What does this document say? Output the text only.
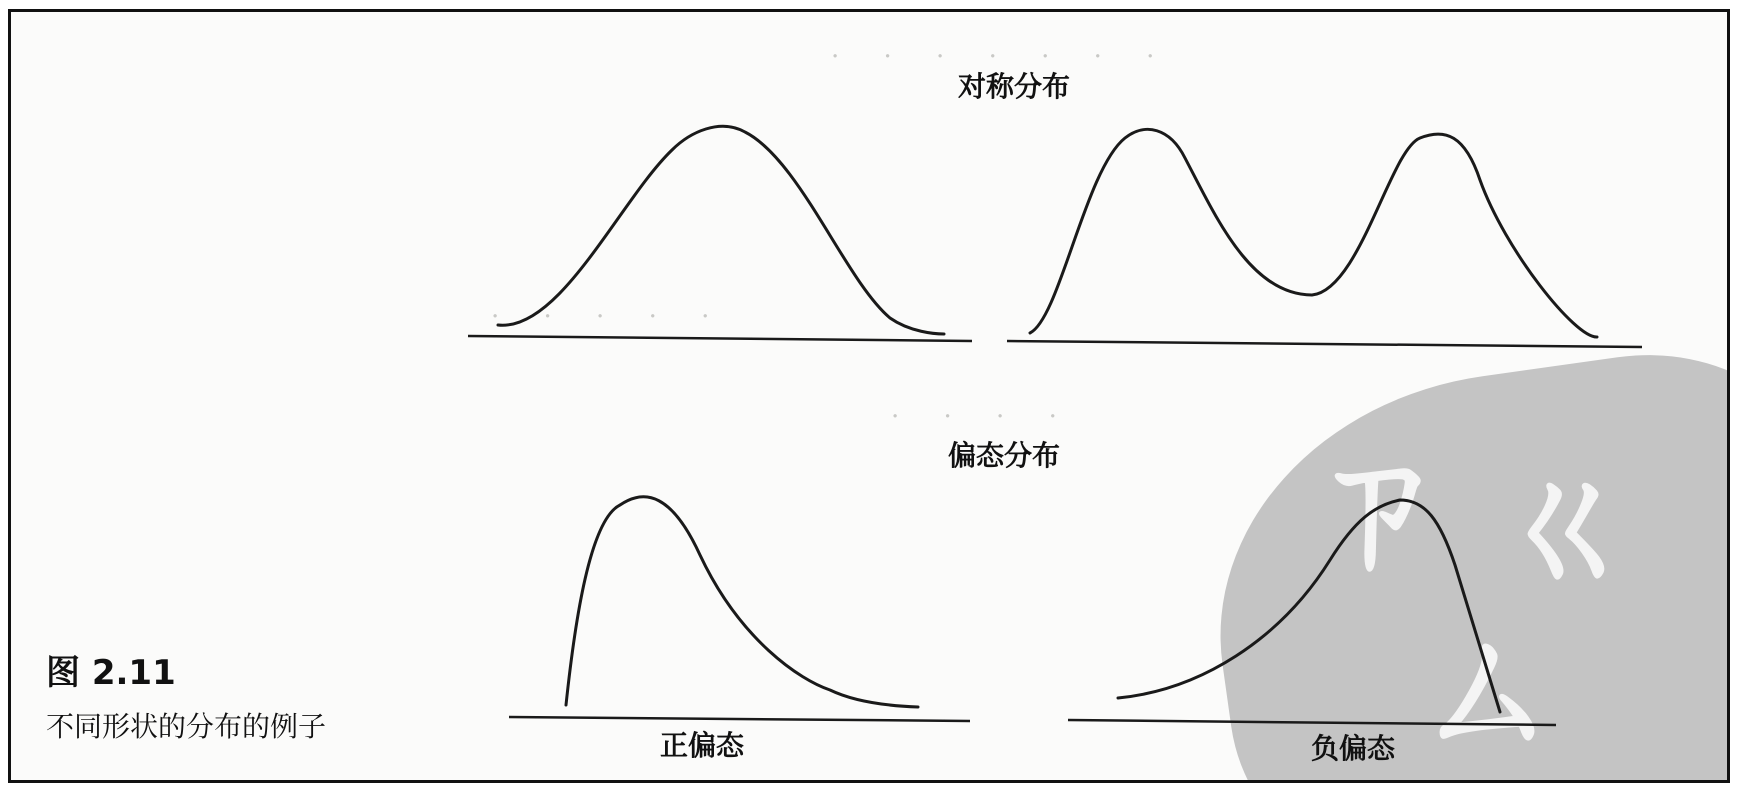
· · · · · · ·
· · · · ·
· · · ·
ㄗ ㄍ
ㄙ
对称分布
偏态分布
正偏态	负偏态
图 2.11
不同形状的分布的例子
